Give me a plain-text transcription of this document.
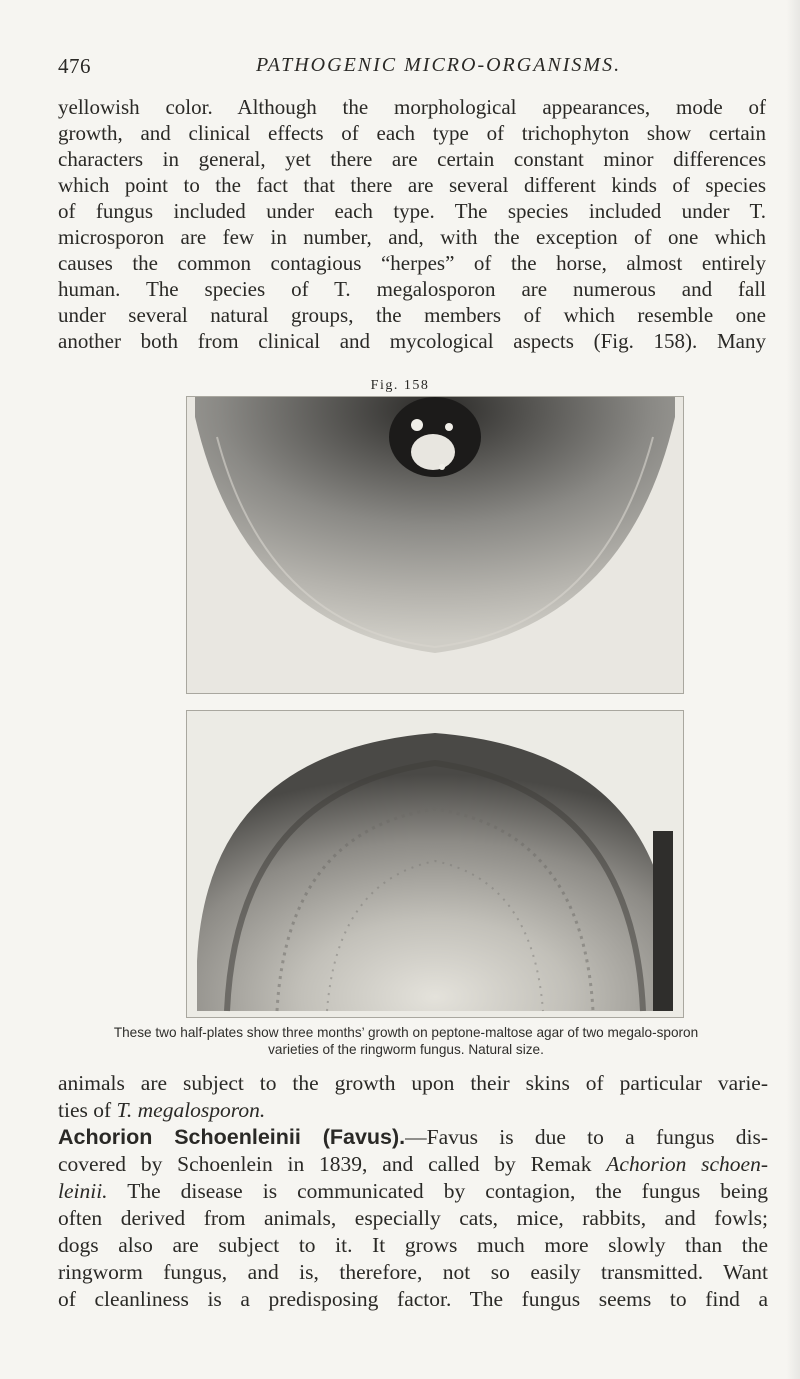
476	PATHOGENIC MICRO-ORGANISMS.
yellowish color. Although the morphological appearances, mode of
growth, and clinical effects of each type of trichophyton show certain
characters in general, yet there are certain constant minor differences
which point to the fact that there are several different kinds of species
of fungus included under each type. The species included under T.
microsporon are few in number, and, with the exception of one which
causes the common contagious “herpes” of the horse, almost entirely
human. The species of T. megalosporon are numerous and fall
under several natural groups, the members of which resemble one
another both from clinical and mycological aspects (Fig. 158). Many
Fig. 158
These two half-plates show three months’ growth on peptone-maltose agar of two megalo-sporon varieties of the ringworm fungus. Natural size.
animals are subject to the growth upon their skins of particular varie-
ties of T. megalosporon.
Achorion Schoenleinii (Favus).—Favus is due to a fungus dis-
covered by Schoenlein in 1839, and called by Remak Achorion schoen-
leinii. The disease is communicated by contagion, the fungus being
often derived from animals, especially cats, mice, rabbits, and fowls;
dogs also are subject to it. It grows much more slowly than the
ringworm fungus, and is, therefore, not so easily transmitted. Want
of cleanliness is a predisposing factor. The fungus seems to find a
